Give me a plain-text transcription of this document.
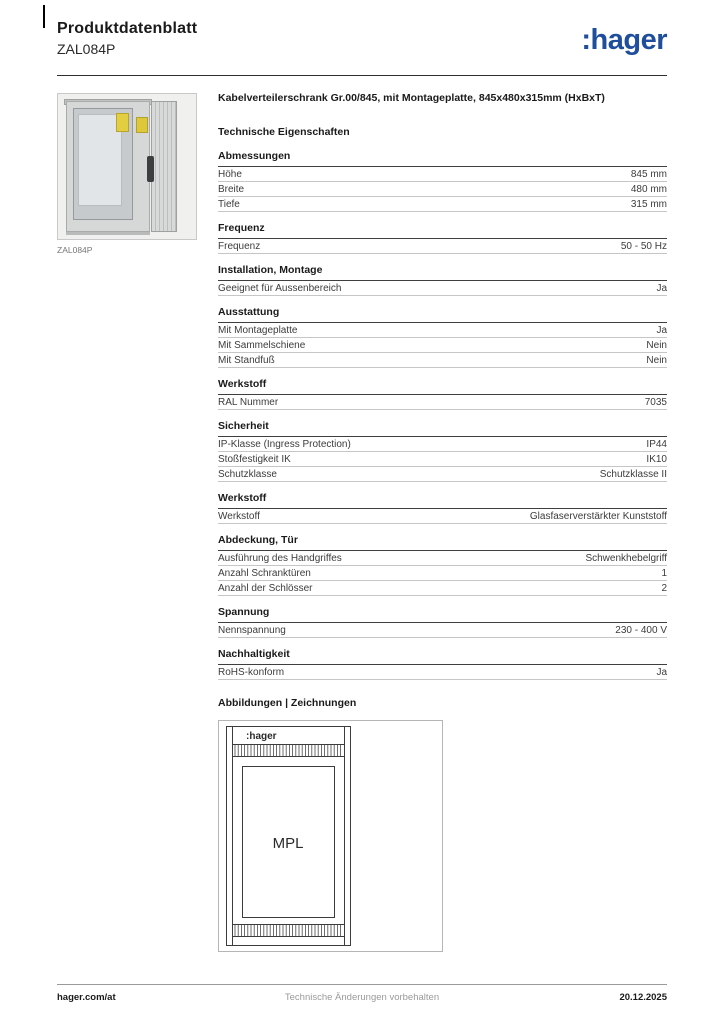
Produktdatenblatt
ZAL084P	:hager
ZAL084P
Kabelverteilerschrank Gr.00/845, mit Montageplatte, 845x480x315mm (HxBxT)
Technische Eigenschaften
Abmessungen
Höhe	845 mm
Breite	480 mm
Tiefe	315 mm
Frequenz
Frequenz	50 - 50 Hz
Installation, Montage
Geeignet für Aussenbereich	Ja
Ausstattung
Mit Montageplatte	Ja
Mit Sammelschiene	Nein
Mit Standfuß	Nein
Werkstoff
RAL Nummer	7035
Sicherheit
IP-Klasse (Ingress Protection)	IP44
Stoßfestigkeit IK	IK10
Schutzklasse	Schutzklasse II
Werkstoff
Werkstoff	Glasfaserverstärkter Kunststoff
Abdeckung, Tür
Ausführung des Handgriffes	Schwenkhebelgriff
Anzahl Schranktüren	1
Anzahl der Schlösser	2
Spannung
Nennspannung	230 - 400 V
Nachhaltigkeit
RoHS-konform	Ja
Abbildungen | Zeichnungen
:hager
MPL
hager.com/at	Technische Änderungen vorbehalten	20.12.2025
